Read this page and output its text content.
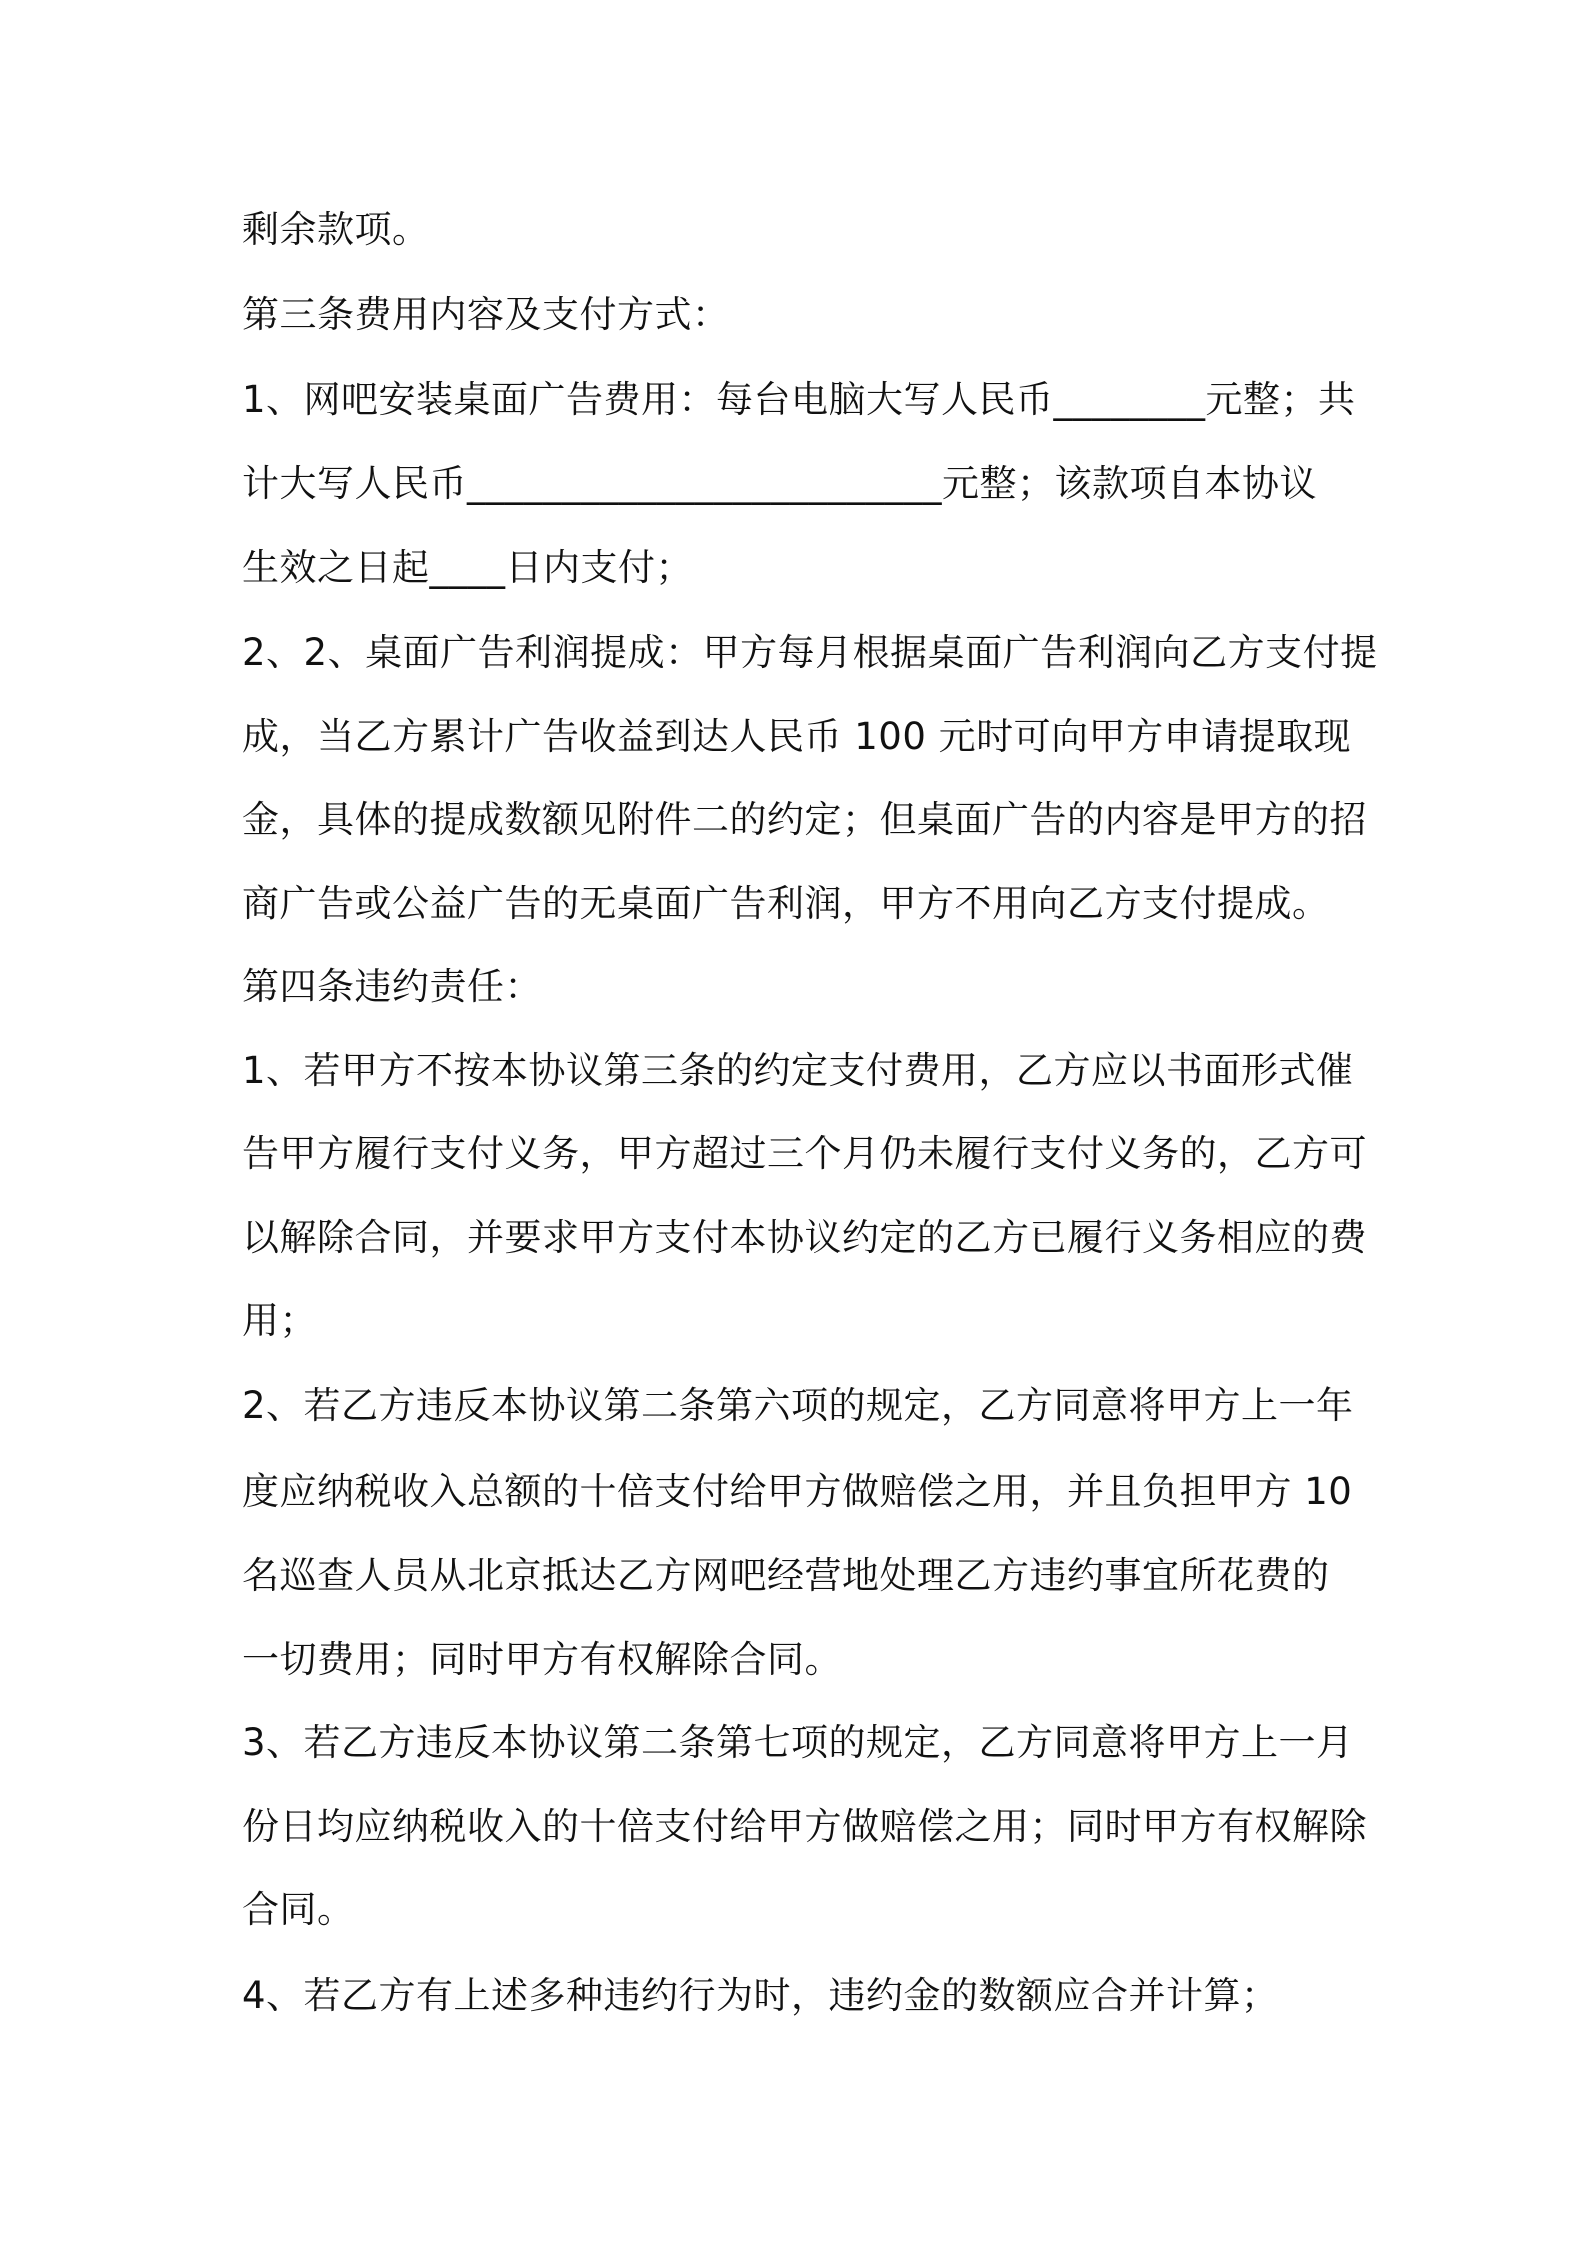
剩余款项。

第三条费用内容及支付方式：

1、网吧安装桌面广告费用：每台电脑大写人民币________元整；共

计大写人民币_________________________元整；该款项自本协议

生效之日起____日内支付；

2、2、桌面广告利润提成：甲方每月根据桌面广告利润向乙方支付提

成，当乙方累计广告收益到达人民币 100 元时可向甲方申请提取现

金，具体的提成数额见附件二的约定；但桌面广告的内容是甲方的招

商广告或公益广告的无桌面广告利润，甲方不用向乙方支付提成。

第四条违约责任：

1、若甲方不按本协议第三条的约定支付费用，乙方应以书面形式催

告甲方履行支付义务，甲方超过三个月仍未履行支付义务的，乙方可

以解除合同，并要求甲方支付本协议约定的乙方已履行义务相应的费

用；

2、若乙方违反本协议第二条第六项的规定，乙方同意将甲方上一年

度应纳税收入总额的十倍支付给甲方做赔偿之用，并且负担甲方 10

名巡查人员从北京抵达乙方网吧经营地处理乙方违约事宜所花费的

一切费用；同时甲方有权解除合同。

3、若乙方违反本协议第二条第七项的规定，乙方同意将甲方上一月

份日均应纳税收入的十倍支付给甲方做赔偿之用；同时甲方有权解除

合同。

4、若乙方有上述多种违约行为时，违约金的数额应合并计算；
